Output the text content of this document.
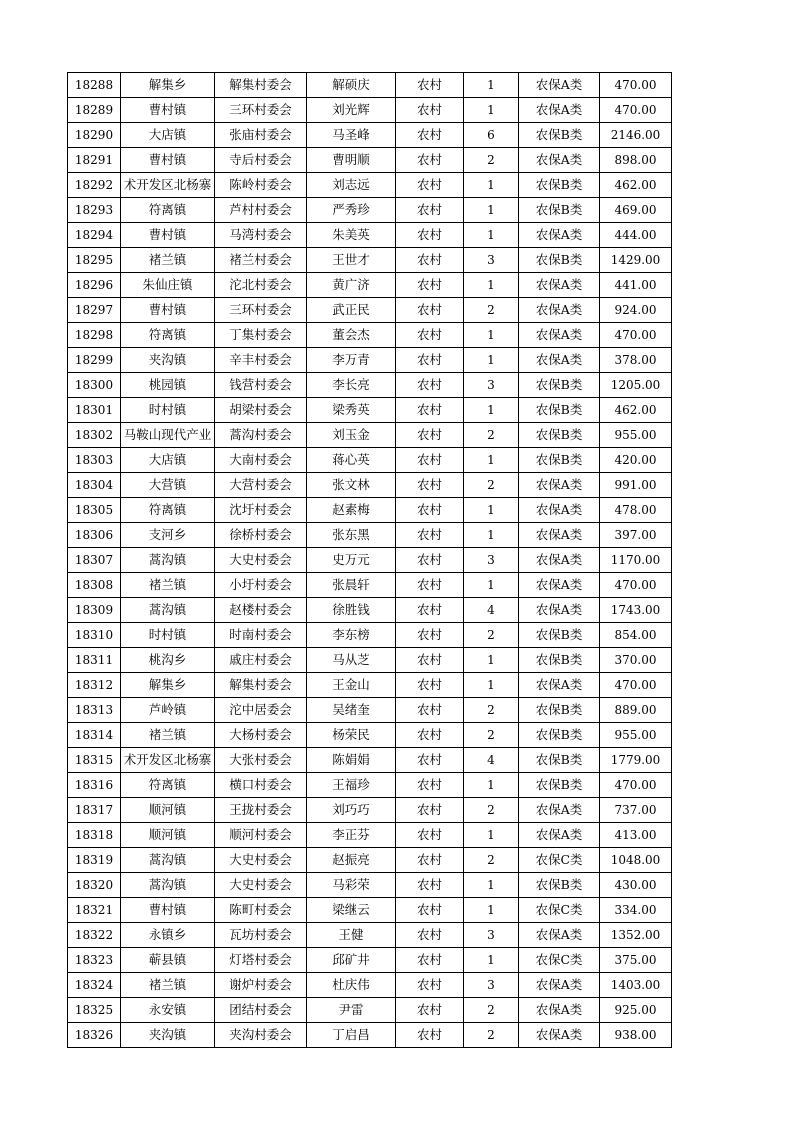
18288	解集乡	解集村委会	解硕庆	农村	1	农保A类	470.00
18289	曹村镇	三环村委会	刘光辉	农村	1	农保A类	470.00
18290	大店镇	张庙村委会	马圣峰	农村	6	农保B类	2146.00
18291	曹村镇	寺后村委会	曹明顺	农村	2	农保A类	898.00
18292	术开发区北杨寨	陈岭村委会	刘志远	农村	1	农保B类	462.00
18293	符离镇	芦村村委会	严秀珍	农村	1	农保B类	469.00
18294	曹村镇	马湾村委会	朱美英	农村	1	农保A类	444.00
18295	褚兰镇	褚兰村委会	王世才	农村	3	农保B类	1429.00
18296	朱仙庄镇	沱北村委会	黄广济	农村	1	农保A类	441.00
18297	曹村镇	三环村委会	武正民	农村	2	农保A类	924.00
18298	符离镇	丁集村委会	董会杰	农村	1	农保A类	470.00
18299	夹沟镇	辛丰村委会	李万青	农村	1	农保A类	378.00
18300	桃园镇	钱营村委会	李长亮	农村	3	农保B类	1205.00
18301	时村镇	胡梁村委会	梁秀英	农村	1	农保B类	462.00
18302	马鞍山现代产业	蒿沟村委会	刘玉金	农村	2	农保B类	955.00
18303	大店镇	大南村委会	蒋心英	农村	1	农保B类	420.00
18304	大营镇	大营村委会	张文林	农村	2	农保A类	991.00
18305	符离镇	沈圩村委会	赵素梅	农村	1	农保A类	478.00
18306	支河乡	徐桥村委会	张东黑	农村	1	农保A类	397.00
18307	蒿沟镇	大史村委会	史万元	农村	3	农保A类	1170.00
18308	褚兰镇	小圩村委会	张晨轩	农村	1	农保A类	470.00
18309	蒿沟镇	赵楼村委会	徐胜钱	农村	4	农保A类	1743.00
18310	时村镇	时南村委会	李东榜	农村	2	农保B类	854.00
18311	桃沟乡	戚庄村委会	马从芝	农村	1	农保B类	370.00
18312	解集乡	解集村委会	王金山	农村	1	农保A类	470.00
18313	芦岭镇	沱中居委会	吴绪奎	农村	2	农保B类	889.00
18314	褚兰镇	大杨村委会	杨荣民	农村	2	农保B类	955.00
18315	术开发区北杨寨	大张村委会	陈娟娟	农村	4	农保B类	1779.00
18316	符离镇	横口村委会	王福珍	农村	1	农保B类	470.00
18317	顺河镇	王拢村委会	刘巧巧	农村	2	农保A类	737.00
18318	顺河镇	顺河村委会	李正芬	农村	1	农保A类	413.00
18319	蒿沟镇	大史村委会	赵振亮	农村	2	农保C类	1048.00
18320	蒿沟镇	大史村委会	马彩荣	农村	1	农保B类	430.00
18321	曹村镇	陈町村委会	梁继云	农村	1	农保C类	334.00
18322	永镇乡	瓦坊村委会	王健	农村	3	农保A类	1352.00
18323	蕲县镇	灯塔村委会	邱矿井	农村	1	农保C类	375.00
18324	褚兰镇	谢炉村委会	杜庆伟	农村	3	农保A类	1403.00
18325	永安镇	团结村委会	尹雷	农村	2	农保A类	925.00
18326	夹沟镇	夹沟村委会	丁启昌	农村	2	农保A类	938.00
